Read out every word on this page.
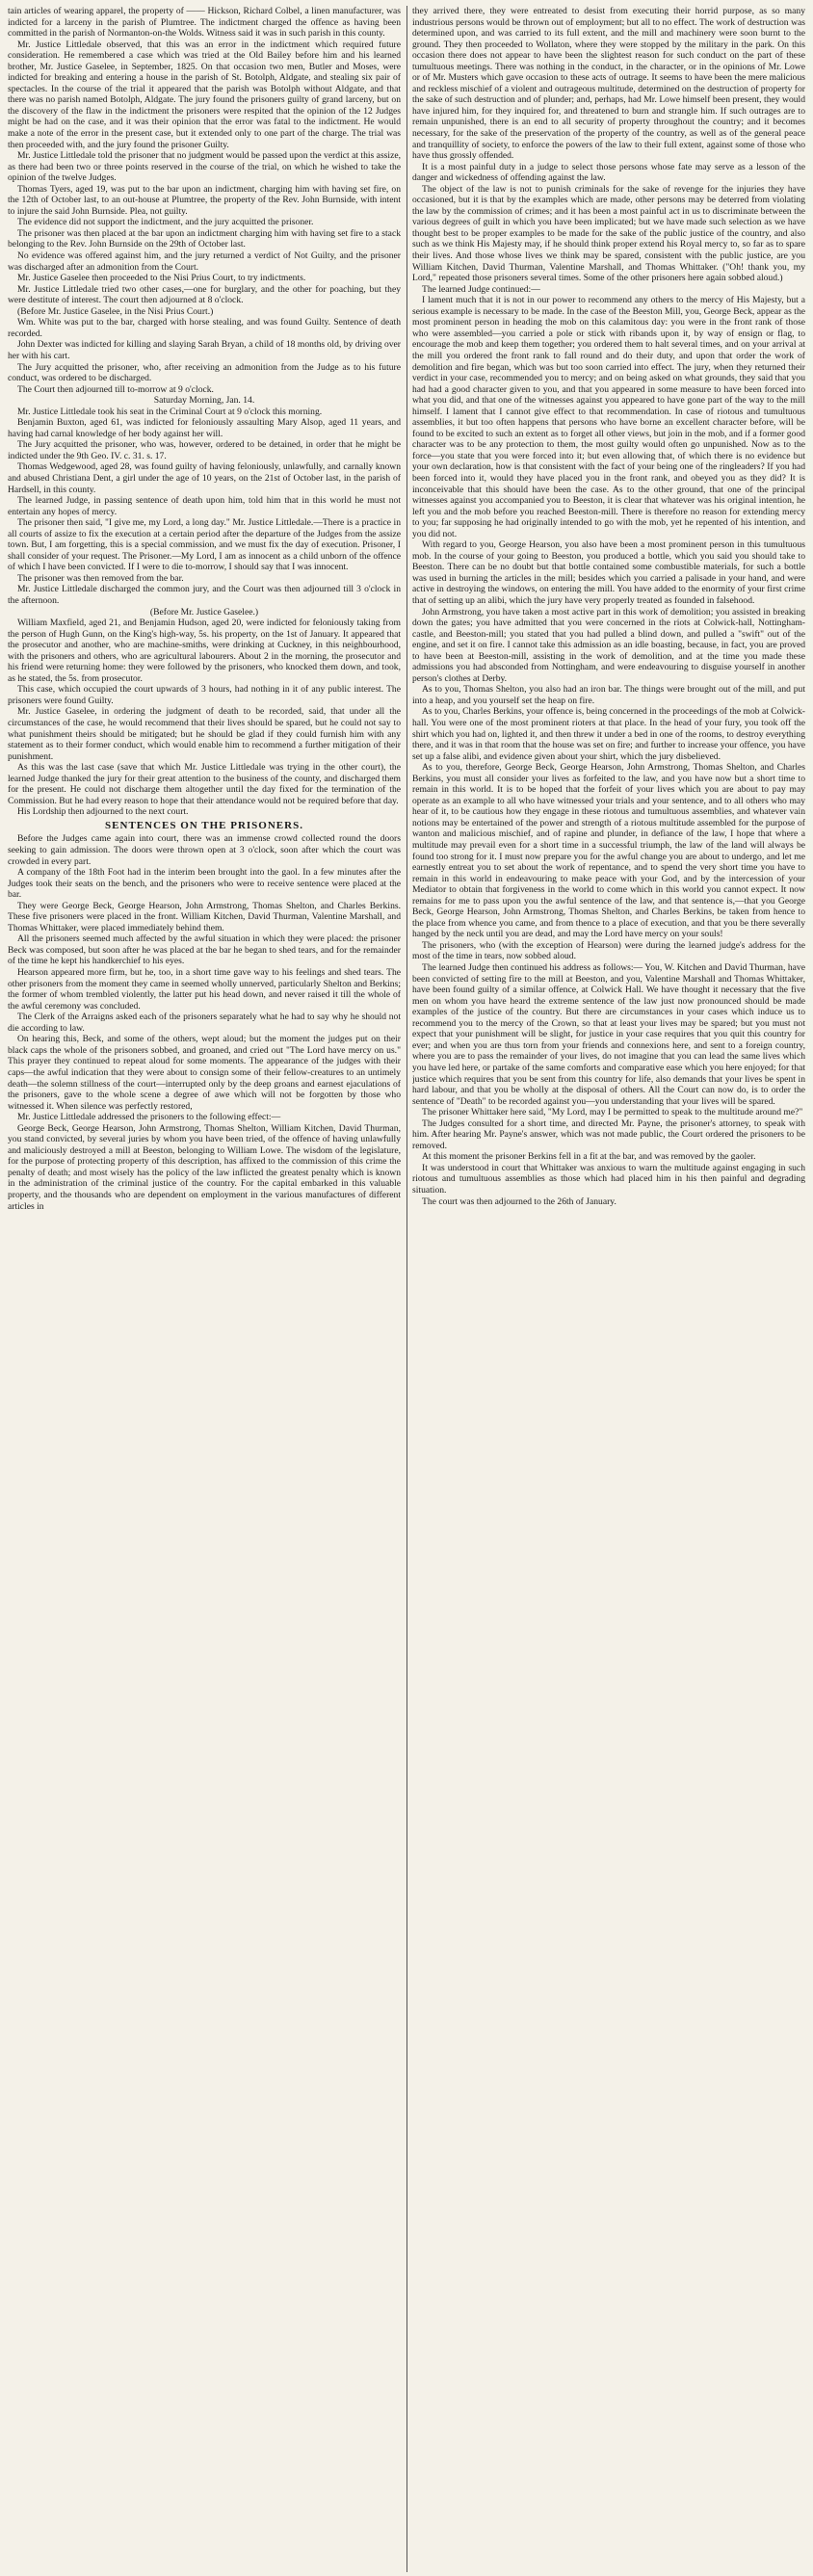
tain articles of wearing apparel, the property of —— Hickson, Richard Colbel, a linen manufacturer, was indicted for a larceny in the parish of Plumtree. The indictment charged the offence as having been committed in the parish of Normanton-on-the Wolds. Witness said it was in such parish in this county.

Mr. Justice Littledale observed, that this was an error in the indictment which required future consideration. He remembered a case which was tried at the Old Bailey before him and his learned brother, Mr. Justice Gaselee, in September, 1825. On that occasion two men, Butler and Moses, were indicted for breaking and entering a house in the parish of St. Botolph, Aldgate, and stealing six pair of spectacles. In the course of the trial it appeared that the parish was Botolph without Aldgate, and that there was no parish named Botolph, Aldgate. The jury found the prisoners guilty of grand larceny, but on the discovery of the flaw in the indictment the prisoners were respited that the opinion of the 12 Judges might be had on the case, and it was their opinion that the error was fatal to the indictment. He would make a note of the error in the present case, but it extended only to one part of the charge. The trial was then proceeded with, and the jury found the prisoner Guilty.

Mr. Justice Littledale told the prisoner that no judgment would be passed upon the verdict at this assize, as there had been two or three points reserved in the course of the trial, on which he wished to take the opinion of the twelve Judges.

Thomas Tyers, aged 19, was put to the bar upon an indictment, charging him with having set fire, on the 12th of October last, to an out-house at Plumtree, the property of the Rev. John Burnside, with intent to injure the said John Burnside. Plea, not guilty.

The evidence did not support the indictment, and the jury acquitted the prisoner.

The prisoner was then placed at the bar upon an indictment charging him with having set fire to a stack belonging to the Rev. John Burnside on the 29th of October last.

No evidence was offered against him, and the jury returned a verdict of Not Guilty, and the prisoner was discharged after an admonition from the Court.

Mr. Justice Gaselee then proceeded to the Nisi Prius Court, to try indictments.

Mr. Justice Littledale tried two other cases,—one for burglary, and the other for poaching, but they were destitute of interest. The court then adjourned at 8 o'clock.

(Before Mr. Justice Gaselee, in the Nisi Prius Court.)

Wm. White was put to the bar, charged with horse stealing, and was found Guilty. Sentence of death recorded.

John Dexter was indicted for killing and slaying Sarah Bryan, a child of 18 months old, by driving over her with his cart.

The Jury acquitted the prisoner, who, after receiving an admonition from the Judge as to his future conduct, was ordered to be discharged.

The Court then adjourned till to-morrow at 9 o'clock.

Saturday Morning, Jan. 14.

Mr. Justice Littledale took his seat in the Criminal Court at 9 o'clock this morning.

Benjamin Buxton, aged 61, was indicted for feloniously assaulting Mary Alsop, aged 11 years, and having had carnal knowledge of her body against her will.

The Jury acquitted the prisoner, who was, however, ordered to be detained, in order that he might be indicted under the 9th Geo. IV. c. 31. s. 17.

Thomas Wedgewood, aged 28, was found guilty of having feloniously, unlawfully, and carnally known and abused Christiana Dent, a girl under the age of 10 years, on the 21st of October last, in the parish of Hardsell, in this county.

The learned Judge, in passing sentence of death upon him, told him that in this world he must not entertain any hopes of mercy.

The prisoner then said, "I give me, my Lord, a long day." Mr. Justice Littledale.—There is a practice in all courts of assize to fix the execution at a certain period after the departure of the Judges from the assize town. But, I am forgetting, this is a special commission, and we must fix the day of execution. Prisoner, I shall consider of your request. The Prisoner.—My Lord, I am as innocent as a child unborn of the offence of which I have been convicted. If I were to die to-morrow, I should say that I was innocent.

The prisoner was then removed from the bar.

Mr. Justice Littledale discharged the common jury, and the Court was then adjourned till 3 o'clock in the afternoon.

(Before Mr. Justice Gaselee.)

William Maxfield, aged 21, and Benjamin Hudson, aged 20, were indicted for feloniously taking from the person of Hugh Gunn, on the King's high-way, 5s. his property, on the 1st of January. It appeared that the prosecutor and another, who are machine-smiths, were drinking at Cuckney, in this neighbourhood, with the prisoners and others, who are agricultural labourers. About 2 in the morning, the prosecutor and his friend were returning home: they were followed by the prisoners, who knocked them down, and took, as he stated, the 5s. from prosecutor.

This case, which occupied the court upwards of 3 hours, had nothing in it of any public interest. The prisoners were found Guilty.

Mr. Justice Gaselee, in ordering the judgment of death to be recorded, said, that under all the circumstances of the case, he would recommend that their lives should be spared, but he could not say to what punishment theirs should be mitigated; but he should be glad if they could furnish him with any statement as to their former conduct, which would enable him to recommend a further mitigation of their punishment.

As this was the last case (save that which Mr. Justice Littledale was trying in the other court), the learned Judge thanked the jury for their great attention to the business of the county, and discharged them for the present. He could not discharge them altogether until the day fixed for the termination of the Commission. But he had every reason to hope that their attendance would not be required before that day.

His Lordship then adjourned to the next court.

SENTENCES ON THE PRISONERS.

Before the Judges came again into court, there was an immense crowd collected round the doors seeking to gain admission. The doors were thrown open at 3 o'clock, soon after which the court was crowded in every part.

A company of the 18th Foot had in the interim been brought into the gaol. In a few minutes after the Judges took their seats on the bench, and the prisoners who were to receive sentence were placed at the bar.

They were George Beck, George Hearson, John Armstrong, Thomas Shelton, and Charles Berkins. These five prisoners were placed in the front. William Kitchen, David Thurman, Valentine Marshall, and Thomas Whittaker, were placed immediately behind them.

All the prisoners seemed much affected by the awful situation in which they were placed: the prisoner Beck was composed, but soon after he was placed at the bar he began to shed tears, and for the remainder of the time he kept his handkerchief to his eyes.

Hearson appeared more firm, but he, too, in a short time gave way to his feelings and shed tears. The other prisoners from the moment they came in seemed wholly unnerved, particularly Shelton and Berkins; the former of whom trembled violently, the latter put his head down, and never raised it till the whole of the awful ceremony was concluded.

The Clerk of the Arraigns asked each of the prisoners separately what he had to say why he should not die according to law.

On hearing this, Beck, and some of the others, wept aloud; but the moment the judges put on their black caps the whole of the prisoners sobbed, and groaned, and cried out "The Lord have mercy on us." This prayer they continued to repeat aloud for some moments. The appearance of the judges with their caps—the awful indication that they were about to consign some of their fellow-creatures to an untimely death—the solemn stillness of the court—interrupted only by the deep groans and earnest ejaculations of the prisoners, gave to the whole scene a degree of awe which will not be forgotten by those who witnessed it. When silence was perfectly restored,

Mr. Justice Littledale addressed the prisoners to the following effect:—

George Beck, George Hearson, John Armstrong, Thomas Shelton, William Kitchen, David Thurman, you stand convicted, by several juries by whom you have been tried, of the offence of having unlawfully and maliciously destroyed a mill at Beeston, belonging to William Lowe. The wisdom of the legislature, for the purpose of protecting property of this description, has affixed to the commission of this crime the penalty of death; and most wisely has the policy of the law inflicted the greatest penalty which is known in the administration of the criminal justice of the country. For the capital embarked in this valuable property, and the thousands who are dependent on employment in the various manufactures of different articles in

they arrived there, they were entreated to desist from executing their horrid purpose, as so many industrious persons would be thrown out of employment; but all to no effect. The work of destruction was determined upon, and was carried to its full extent, and the mill and machinery were soon burnt to the ground. They then proceeded to Wollaton, where they were stopped by the military in the park. On this occasion there does not appear to have been the slightest reason for such conduct on the part of these tumultuous meetings. There was nothing in the conduct, in the character, or in the opinions of Mr. Lowe or of Mr. Musters which gave occasion to these acts of outrage. It seems to have been the mere malicious and reckless mischief of a violent and outrageous multitude, determined on the destruction of property for the sake of such destruction and of plunder; and, perhaps, had Mr. Lowe himself been present, they would have injured him, for they inquired for, and threatened to burn and strangle him. If such outrages are to remain unpunished, there is an end to all security of property throughout the country; and it becomes necessary, for the sake of the preservation of the property of the country, as well as of the general peace and tranquillity of society, to enforce the powers of the law to their full extent, against some of those who have thus grossly offended.

It is a most painful duty in a judge to select those persons whose fate may serve as a lesson of the danger and wickedness of offending against the law.

The object of the law is not to punish criminals for the sake of revenge for the injuries they have occasioned, but it is that by the examples which are made, other persons may be deterred from violating the law by the commission of crimes; and it has been a most painful act in us to discriminate between the various degrees of guilt in which you have been implicated; but we have made such selection as we have thought best to be proper examples to be made for the sake of the public justice of the country, and also such as we think His Majesty may, if he should think proper extend his Royal mercy to, so far as to spare their lives. And those whose lives we think may be spared, consistent with the public justice, are you William Kitchen, David Thurman, Valentine Marshall, and Thomas Whittaker. ("Oh! thank you, my Lord," repeated those prisoners several times. Some of the other prisoners here again sobbed aloud.)

The learned Judge continued:—

I lament much that it is not in our power to recommend any others to the mercy of His Majesty, but a serious example is necessary to be made. In the case of the Beeston Mill, you, George Beck, appear as the most prominent person in heading the mob on this calamitous day: you were in the front rank of those who were assembled—you carried a pole or stick with ribands upon it, by way of ensign or flag, to encourage the mob and keep them together; you ordered them to halt several times, and on your arrival at the mill you ordered the front rank to fall round and do their duty, and upon that order the work of demolition and fire began, which was but too soon carried into effect. The jury, when they returned their verdict in your case, recommended you to mercy; and on being asked on what grounds, they said that you had had a good character given to you, and that you appeared in some measure to have been forced into what you did, and that one of the witnesses against you appeared to have gone part of the way to the mill himself. I lament that I cannot give effect to that recommendation. In case of riotous and tumultuous assemblies, it but too often happens that persons who have borne an excellent character before, will be found to be excited to such an extent as to forget all other views, but join in the mob, and if a former good character was to be any protection to them, the most guilty would often go unpunished. Now as to the force—you state that you were forced into it; but even allowing that, of which there is no evidence but your own declaration, how is that consistent with the fact of your being one of the ringleaders? If you had been forced into it, would they have placed you in the front rank, and obeyed you as they did? It is inconceivable that this should have been the case. As to the other ground, that one of the principal witnesses against you accompanied you to Beeston, it is clear that whatever was his original intention, he left you and the mob before you reached Beeston-mill. There is therefore no reason for extending mercy to you; far supposing he had originally intended to go with the mob, yet he repented of his intention, and you did not.

With regard to you, George Hearson, you also have been a most prominent person in this tumultuous mob. In the course of your going to Beeston, you produced a bottle, which you said you should take to Beeston. There can be no doubt but that bottle contained some combustible materials, for such a bottle was used in burning the articles in the mill; besides which you carried a palisade in your hand, and were active in destroying the windows, on entering the mill. You have added to the enormity of your first crime that of setting up an alibi, which the jury have very properly treated as founded in falsehood.

John Armstrong, you have taken a most active part in this work of demolition; you assisted in breaking down the gates; you have admitted that you were concerned in the riots at Colwick-hall, Nottingham-castle, and Beeston-mill; you stated that you had pulled a blind down, and pulled a "swift" out of the engine, and set it on fire. I cannot take this admission as an idle boasting, because, in fact, you are proved to have been at Beeston-mill, assisting in the work of demolition, and at the time you made these admissions you had absconded from Nottingham, and were endeavouring to disguise yourself in another person's clothes at Derby.

As to you, Thomas Shelton, you also had an iron bar. The things were brought out of the mill, and put into a heap, and you yourself set the heap on fire.

As to you, Charles Berkins, your offence is, being concerned in the proceedings of the mob at Colwick-hall. You were one of the most prominent rioters at that place. In the head of your fury, you took off the shirt which you had on, lighted it, and then threw it under a bed in one of the rooms, to destroy everything there, and it was in that room that the house was set on fire; and further to increase your offence, you have set up a false alibi, and evidence given about your shirt, which the jury disbelieved.

As to you, therefore, George Beck, George Hearson, John Armstrong, Thomas Shelton, and Charles Berkins, you must all consider your lives as forfeited to the law, and you have now but a short time to remain in this world. It is to be hoped that the forfeit of your lives which you are about to pay may operate as an example to all who have witnessed your trials and your sentence, and to all others who may hear of it, to be cautious how they engage in these riotous and tumultuous assemblies, and whatever vain notions may be entertained of the power and strength of a riotous multitude assembled for the purpose of wanton and malicious mischief, and of rapine and plunder, in defiance of the law, I hope that where a multitude may prevail even for a short time in a successful triumph, the law of the land will always be found too strong for it. I must now prepare you for the awful change you are about to undergo, and let me earnestly entreat you to set about the work of repentance, and to spend the very short time you have to remain in this world in endeavouring to make peace with your God, and by the intercession of your Mediator to obtain that forgiveness in the world to come which in this world you cannot expect. It now remains for me to pass upon you the awful sentence of the law, and that sentence is,—that you George Beck, George Hearson, John Armstrong, Thomas Shelton, and Charles Berkins, be taken from hence to the place from whence you came, and from thence to a place of execution, and that you be there severally hanged by the neck until you are dead, and may the Lord have mercy on your souls!

The prisoners, who (with the exception of Hearson) were during the learned judge's address for the most of the time in tears, now sobbed aloud.

The learned Judge then continued his address as follows:— You, W. Kitchen and David Thurman, have been convicted of setting fire to the mill at Beeston, and you, Valentine Marshall and Thomas Whittaker, have been found guilty of a similar offence, at Colwick Hall. We have thought it necessary that the five men on whom you have heard the extreme sentence of the law just now pronounced should be made examples of the justice of the country. But there are circumstances in your cases which induce us to recommend you to the mercy of the Crown, so that at least your lives may be spared; but you must not expect that your punishment will be slight, for justice in your case requires that you quit this country for ever; and when you are thus torn from your friends and connexions here, and sent to a foreign country, where you are to pass the remainder of your lives, do not imagine that you can lead the same lives which you have led here, or partake of the same comforts and comparative ease which you here enjoyed; for that justice which requires that you be sent from this country for life, also demands that your lives be spent in hard labour, and that you be wholly at the disposal of others. All the Court can now do, is to order the sentence of "Death" to be recorded against you—you understanding that your lives will be spared.

The prisoner Whittaker here said, "My Lord, may I be permitted to speak to the multitude around me?"

The Judges consulted for a short time, and directed Mr. Payne, the prisoner's attorney, to speak with him. After hearing Mr. Payne's answer, which was not made public, the Court ordered the prisoners to be removed.

At this moment the prisoner Berkins fell in a fit at the bar, and was removed by the gaoler.

It was understood in court that Whittaker was anxious to warn the multitude against engaging in such riotous and tumultuous assemblies as those which had placed him in his then painful and degrading situation.

The court was then adjourned to the 26th of January.
